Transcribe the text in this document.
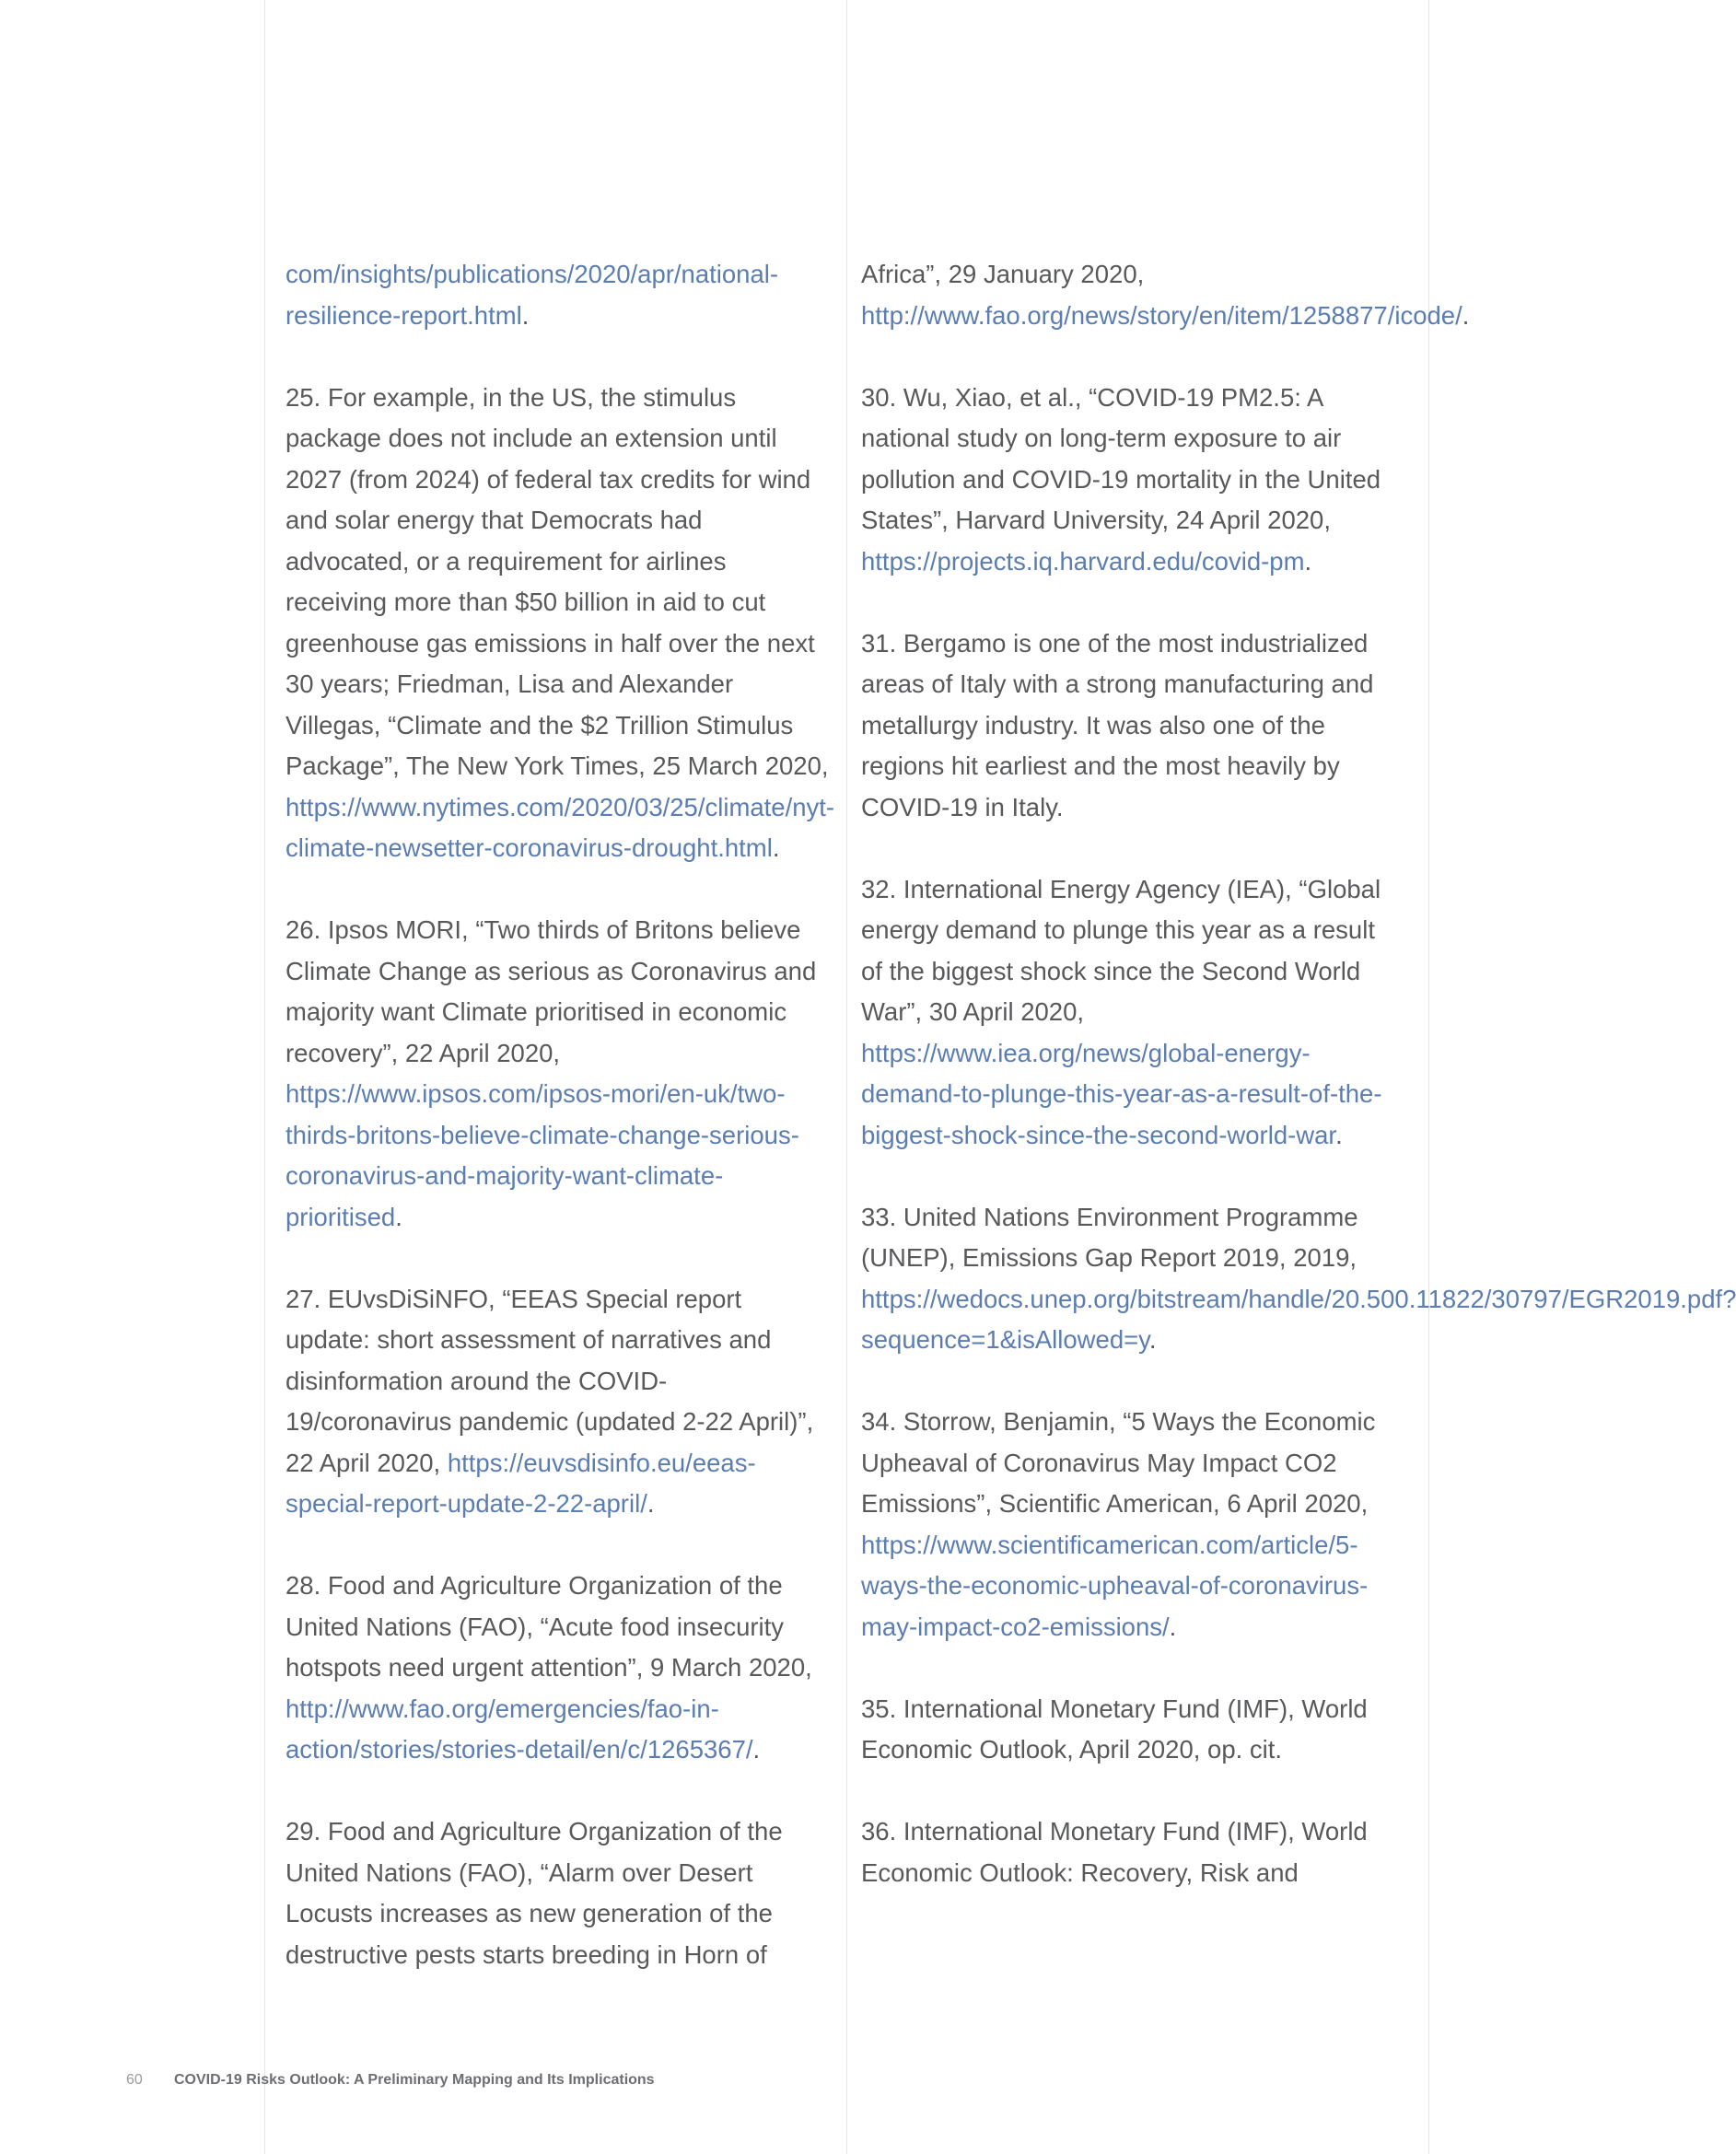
com/insights/publications/2020/apr/national-resilience-report.html.

25. For example, in the US, the stimulus package does not include an extension until 2027 (from 2024) of federal tax credits for wind and solar energy that Democrats had advocated, or a requirement for airlines receiving more than $50 billion in aid to cut greenhouse gas emissions in half over the next 30 years; Friedman, Lisa and Alexander Villegas, “Climate and the $2 Trillion Stimulus Package”, The New York Times, 25 March 2020, https://www.nytimes.com/2020/03/25/climate/nyt-climate-newsetter-coronavirus-drought.html.

26. Ipsos MORI, “Two thirds of Britons believe Climate Change as serious as Coronavirus and majority want Climate prioritised in economic recovery”, 22 April 2020, https://www.ipsos.com/ipsos-mori/en-uk/two-thirds-britons-believe-climate-change-serious-coronavirus-and-majority-want-climate-prioritised.

27. EUvsDiSiNFO, “EEAS Special report update: short assessment of narratives and disinformation around the COVID-19/coronavirus pandemic (updated 2-22 April)”, 22 April 2020, https://euvsdisinfo.eu/eeas-special-report-update-2-22-april/.

28. Food and Agriculture Organization of the United Nations (FAO), “Acute food insecurity hotspots need urgent attention”, 9 March 2020, http://www.fao.org/emergencies/fao-in-action/stories/stories-detail/en/c/1265367/.

29. Food and Agriculture Organization of the United Nations (FAO), “Alarm over Desert Locusts increases as new generation of the destructive pests starts breeding in Horn of

Africa”, 29 January 2020, http://www.fao.org/news/story/en/item/1258877/icode/.

30. Wu, Xiao, et al., “COVID-19 PM2.5: A national study on long-term exposure to air pollution and COVID-19 mortality in the United States”, Harvard University, 24 April 2020, https://projects.iq.harvard.edu/covid-pm.

31. Bergamo is one of the most industrialized areas of Italy with a strong manufacturing and metallurgy industry. It was also one of the regions hit earliest and the most heavily by COVID-19 in Italy.

32. International Energy Agency (IEA), “Global energy demand to plunge this year as a result of the biggest shock since the Second World War”, 30 April 2020, https://www.iea.org/news/global-energy-demand-to-plunge-this-year-as-a-result-of-the-biggest-shock-since-the-second-world-war.

33. United Nations Environment Programme (UNEP), Emissions Gap Report 2019, 2019, https://wedocs.unep.org/bitstream/handle/20.500.11822/30797/EGR2019.pdf?sequence=1&isAllowed=y.

34. Storrow, Benjamin, “5 Ways the Economic Upheaval of Coronavirus May Impact CO2 Emissions”, Scientific American, 6 April 2020, https://www.scientificamerican.com/article/5-ways-the-economic-upheaval-of-coronavirus-may-impact-co2-emissions/.

35. International Monetary Fund (IMF), World Economic Outlook, April 2020, op. cit.

36. International Monetary Fund (IMF), World Economic Outlook: Recovery, Risk and

60 COVID-19 Risks Outlook: A Preliminary Mapping and Its Implications
